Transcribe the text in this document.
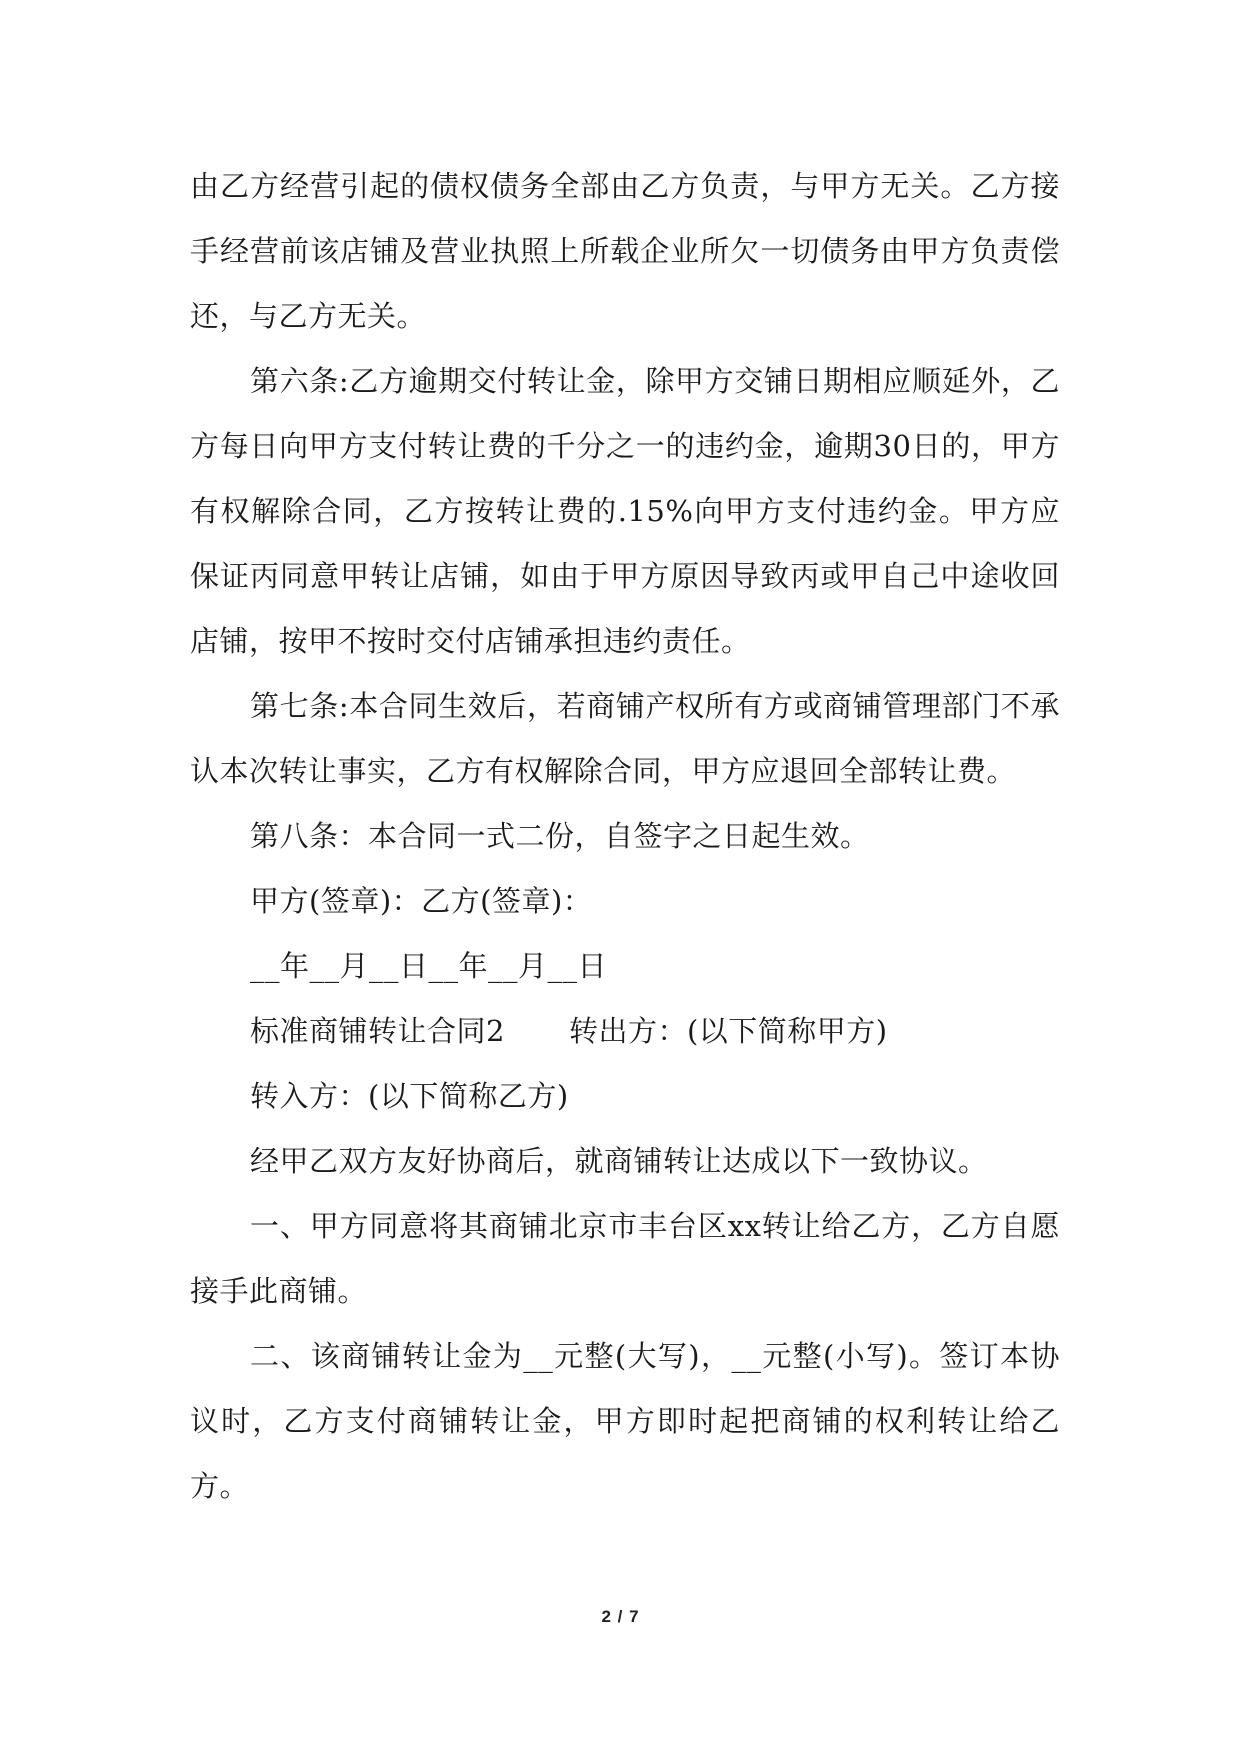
由乙方经营引起的债权债务全部由乙方负责，与甲方无关。乙方接手经营前该店铺及营业执照上所载企业所欠一切债务由甲方负责偿还，与乙方无关。

第六条:乙方逾期交付转让金，除甲方交铺日期相应顺延外，乙方每日向甲方支付转让费的千分之一的违约金，逾期30日的，甲方有权解除合同，乙方按转让费的.15%向甲方支付违约金。甲方应保证丙同意甲转让店铺，如由于甲方原因导致丙或甲自己中途收回店铺，按甲不按时交付店铺承担违约责任。

第七条:本合同生效后，若商铺产权所有方或商铺管理部门不承认本次转让事实，乙方有权解除合同，甲方应退回全部转让费。

第八条：本合同一式二份，自签字之日起生效。

甲方(签章)：乙方(签章)：

__年__月__日__年__月__日

标准商铺转让合同2 转出方：(以下简称甲方)

转入方：(以下简称乙方)

经甲乙双方友好协商后，就商铺转让达成以下一致协议。

一、甲方同意将其商铺北京市丰台区xx转让给乙方，乙方自愿接手此商铺。

二、该商铺转让金为__元整(大写)，__元整(小写)。签订本协议时，乙方支付商铺转让金，甲方即时起把商铺的权利转让给乙方。

2 / 7
